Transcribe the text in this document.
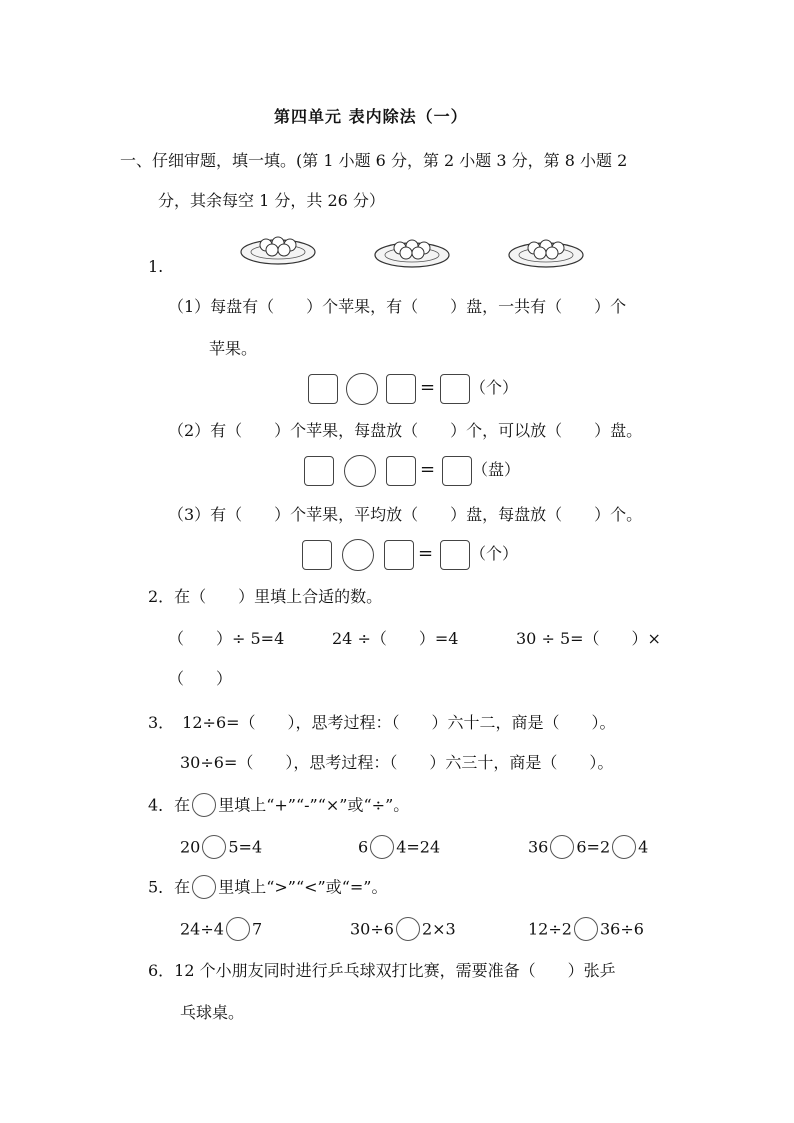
第四单元 表内除法（一）
一、仔细审题，填一填。(第 1 小题 6 分，第 2 小题 3 分，第 8 小题 2
分，其余每空 1 分，共 26 分）
1.
（1）每盘有（　　）个苹果，有（　　）盘，一共有（　　）个
苹果。
= （个）
（2）有（　　）个苹果，每盘放（　　）个，可以放（　　）盘。
= （盘）
（3）有（　　）个苹果，平均放（　　）盘，每盘放（　　）个。
= （个）
2．在（　　）里填上合适的数。
（　　）÷ 5=4	24 ÷（　　）=4	30 ÷ 5=（　　）×
（　　）
3．　12÷6=（　　），思考过程：（　　）六十二，商是（　　）。
30÷6=（　　），思考过程：（　　）六三十，商是（　　）。
4．在 里填上“+”“-”“×”或“÷”。
20 5=4	6 4=24	36 6=2 4
5．在 里填上“>”“<”或“=”。
24÷4 7	30÷6 2×3	12÷2 36÷6
6．12 个小朋友同时进行乒乓球双打比赛，需要准备（　　）张乒
乓球桌。
